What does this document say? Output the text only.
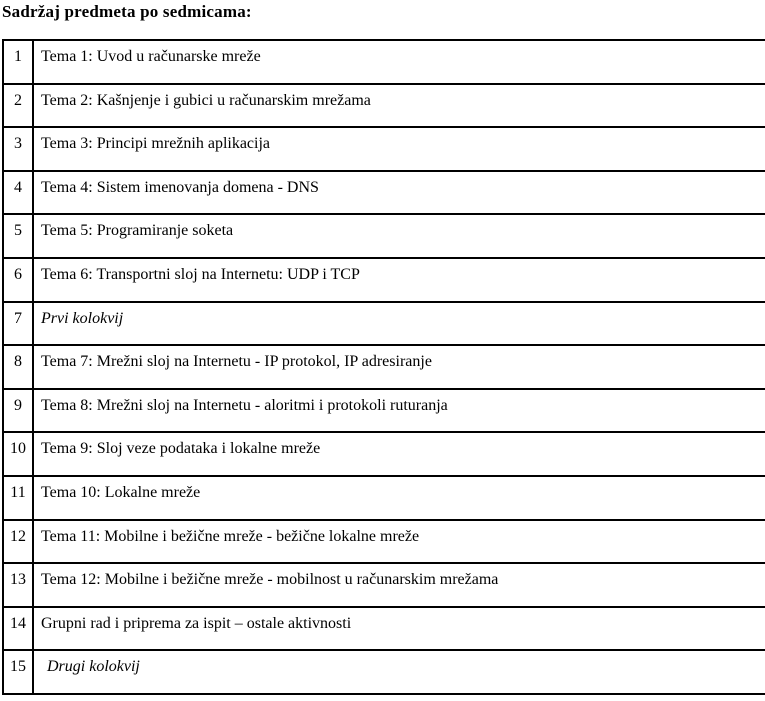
Sadržaj predmeta po sedmicama:
1	Tema 1: Uvod u računarske mreže
2	Tema 2: Kašnjenje i gubici u računarskim mrežama
3	Tema 3: Principi mrežnih aplikacija
4	Tema 4: Sistem imenovanja domena - DNS
5	Tema 5: Programiranje soketa
6	Tema 6: Transportni sloj na Internetu: UDP i TCP
7	Prvi kolokvij
8	Tema 7: Mrežni sloj na Internetu - IP protokol, IP adresiranje
9	Tema 8: Mrežni sloj na Internetu - aloritmi i protokoli ruturanja
10 Tema 9: Sloj veze podataka i lokalne mreže
11 Tema 10: Lokalne mreže
12 Tema 11: Mobilne i bežične mreže - bežične lokalne mreže
13 Tema 12: Mobilne i bežične mreže - mobilnost u računarskim mrežama
14 Grupni rad i priprema za ispit – ostale aktivnosti
15	Drugi kolokvij
